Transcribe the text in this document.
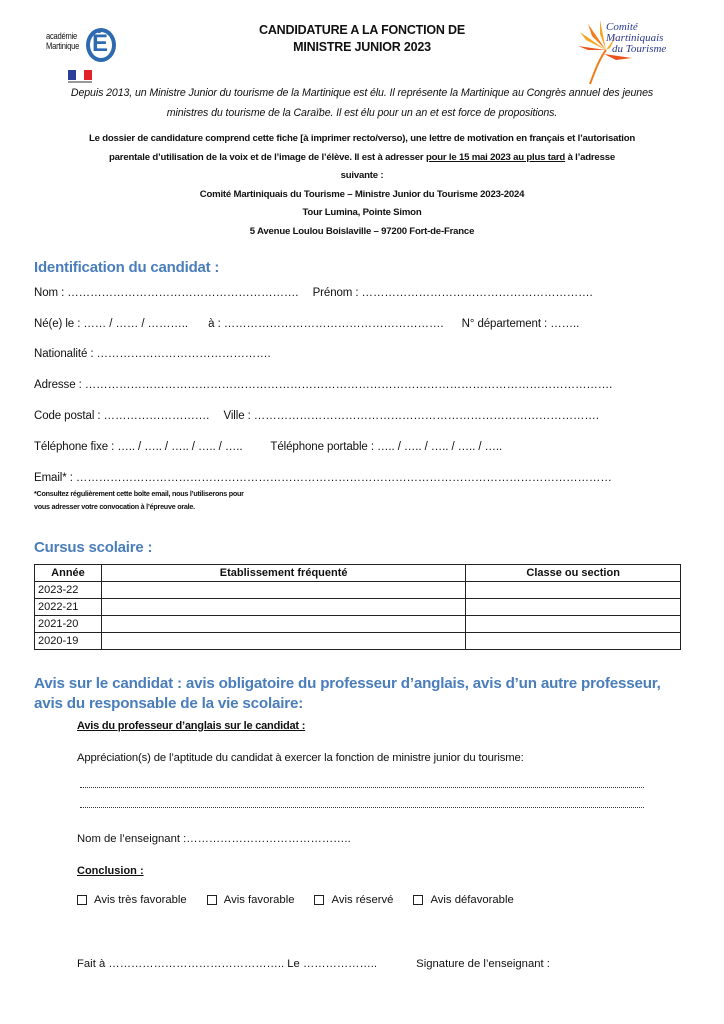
académie
Martinique É	CANDIDATURE A LA FONCTION DE
MINISTRE JUNIOR 2023
Comité
Martiniquais
du Tourisme
Depuis 2013, un Ministre Junior du tourisme de la Martinique est élu. Il représente la Martinique au Congrès annuel des jeunes
ministres du tourisme de la Caraïbe. Il est élu pour un an et est force de propositions.
Le dossier de candidature comprend cette fiche [à imprimer recto/verso), une lettre de motivation en français et l’autorisation
parentale d’utilisation de la voix et de l’image de l’élève. Il est à adresser pour le 15 mai 2023 au plus tard à l’adresse
suivante :
Comité Martiniquais du Tourisme – Ministre Junior du Tourisme 2023-2024
Tour Lumina, Pointe Simon
5 Avenue Loulou Boislaville – 97200 Fort-de-France
Identification du candidat :
Nom : ……………………………………………………. Prénom : …………………………………………………….
Né(e) le : …… / …… / ……….. à : …………………………………………………. N° département : ……..
Nationalité : ……………………………………….
Adresse : ………………………………………………………………………………………………………………………….
Code postal : ………………………. Ville : ……………………………………………………………………………….
Téléphone fixe : ….. / ….. / ….. / ….. / ….. Téléphone portable : ….. / ….. / ….. / ….. / …..
Email* : ……………………………………………………………………………………………………………………………
*Consultez régulièrement cette boîte email, nous l’utiliserons pour
vous adresser votre convocation à l’épreuve orale.
Cursus scolaire :
Année	Etablissement fréquenté	Classe ou section
2023-22		
2022-21		
2021-20		
2020-19		
Avis sur le candidat : avis obligatoire du professeur d’anglais, avis d’un autre professeur,
avis du responsable de la vie scolaire:
Avis du professeur d’anglais sur le candidat :
Appréciation(s) de l’aptitude du candidat à exercer la fonction de ministre junior du tourisme:
Nom de l’enseignant :……………………………………..
Conclusion :
Avis très favorable	Avis favorable	Avis réservé	Avis défavorable
Fait à ……………………………………….. Le ………………..	Signature de l’enseignant :
